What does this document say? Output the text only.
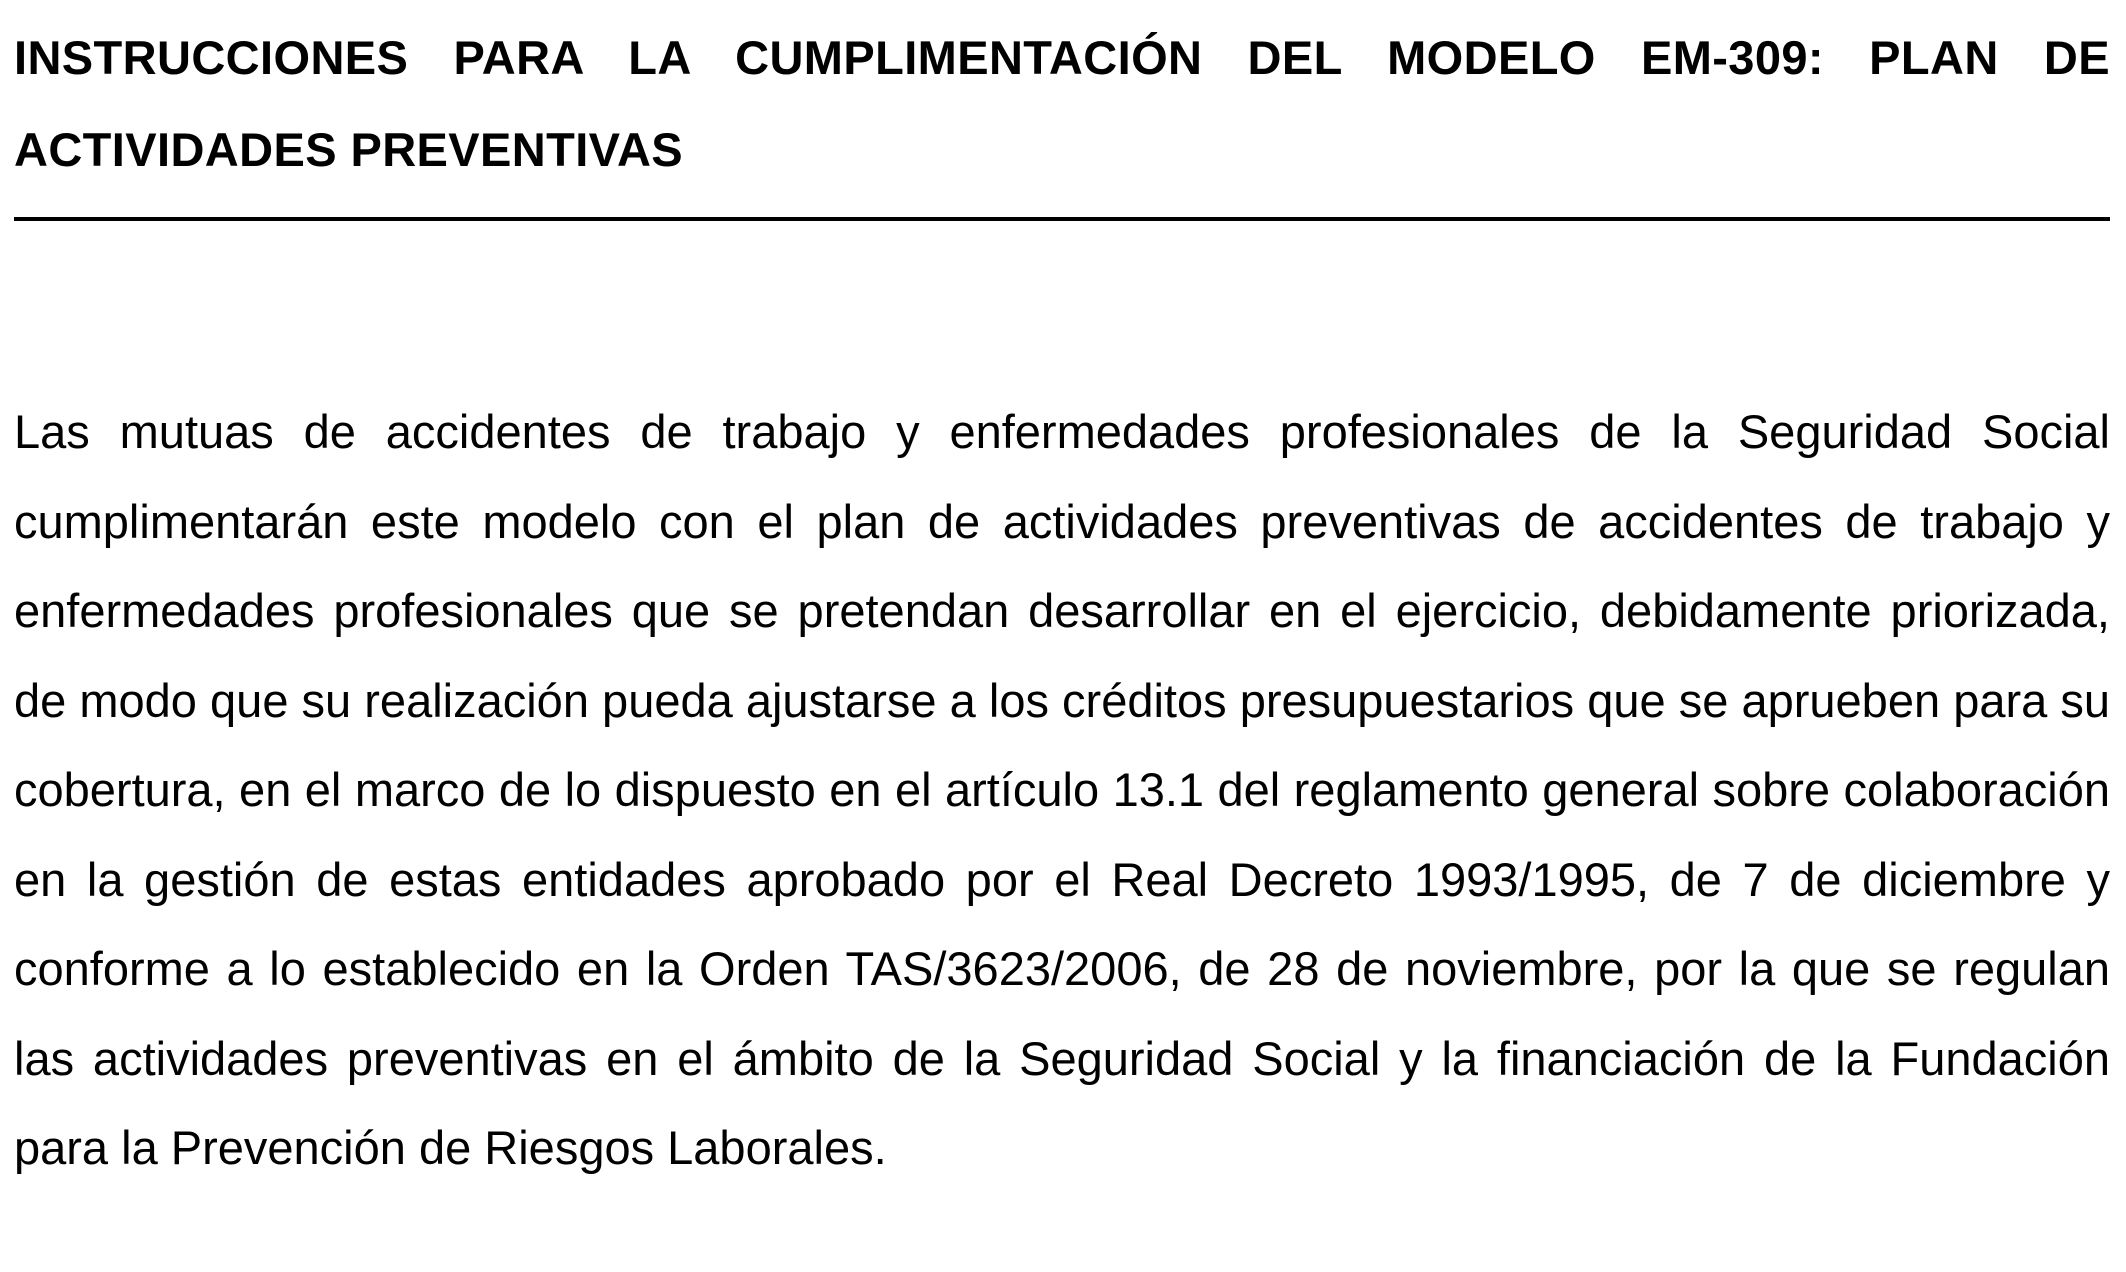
INSTRUCCIONES PARA LA CUMPLIMENTACIÓN DEL MODELO EM-309: PLAN DE ACTIVIDADES PREVENTIVAS

Las mutuas de accidentes de trabajo y enfermedades profesionales de la Seguridad Social cumplimentarán este modelo con el plan de actividades preventivas de accidentes de trabajo y enfermedades profesionales que se pretendan desarrollar en el ejercicio, debidamente priorizada, de modo que su realización pueda ajustarse a los créditos presupuestarios que se aprueben para su cobertura, en el marco de lo dispuesto en el artículo 13.1 del reglamento general sobre colaboración en la gestión de estas entidades aprobado por el Real Decreto 1993/1995, de 7 de diciembre y conforme a lo establecido en la Orden TAS/3623/2006, de 28 de noviembre, por la que se regulan las actividades preventivas en el ámbito de la Seguridad Social y la financiación de la Fundación para la Prevención de Riesgos Laborales.
